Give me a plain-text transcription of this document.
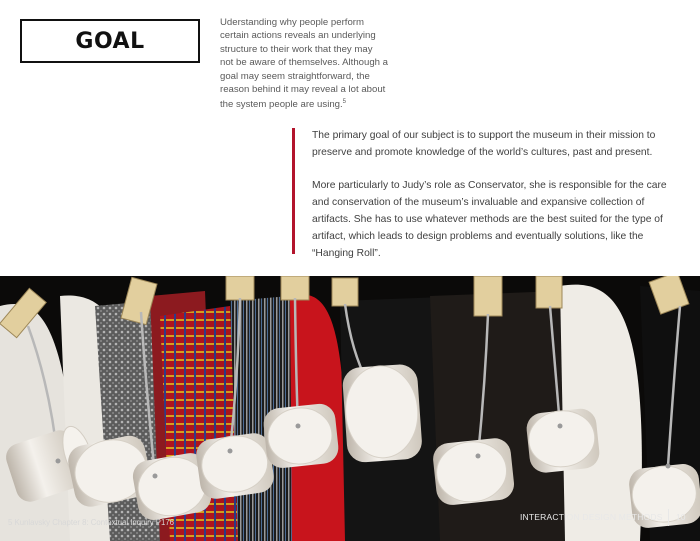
GOAL

Uderstanding why people perform certain actions reveals an underlying structure to their work that they may not be aware of themselves. Although a goal may seem straightforward, the reason behind it may reveal a lot about the system people are using.$^5$

The primary goal of our subject is to support the museum in their mission to preserve and promote knowledge of the world’s cultures, past and present.

More particularly to Judy’s role as Conservator, she is responsible for the care and conservation of the museum’s invaluable and expansive collection of artifacts. She has to use whatever methods are the best suited for the type of artifact, which leads to design problems and eventually solutions, like the “Hanging Roll”.

5 Kunlavsky Chapter 8: Contextual Inquiry P176
INTERACTION DESIGN METHODS 10
